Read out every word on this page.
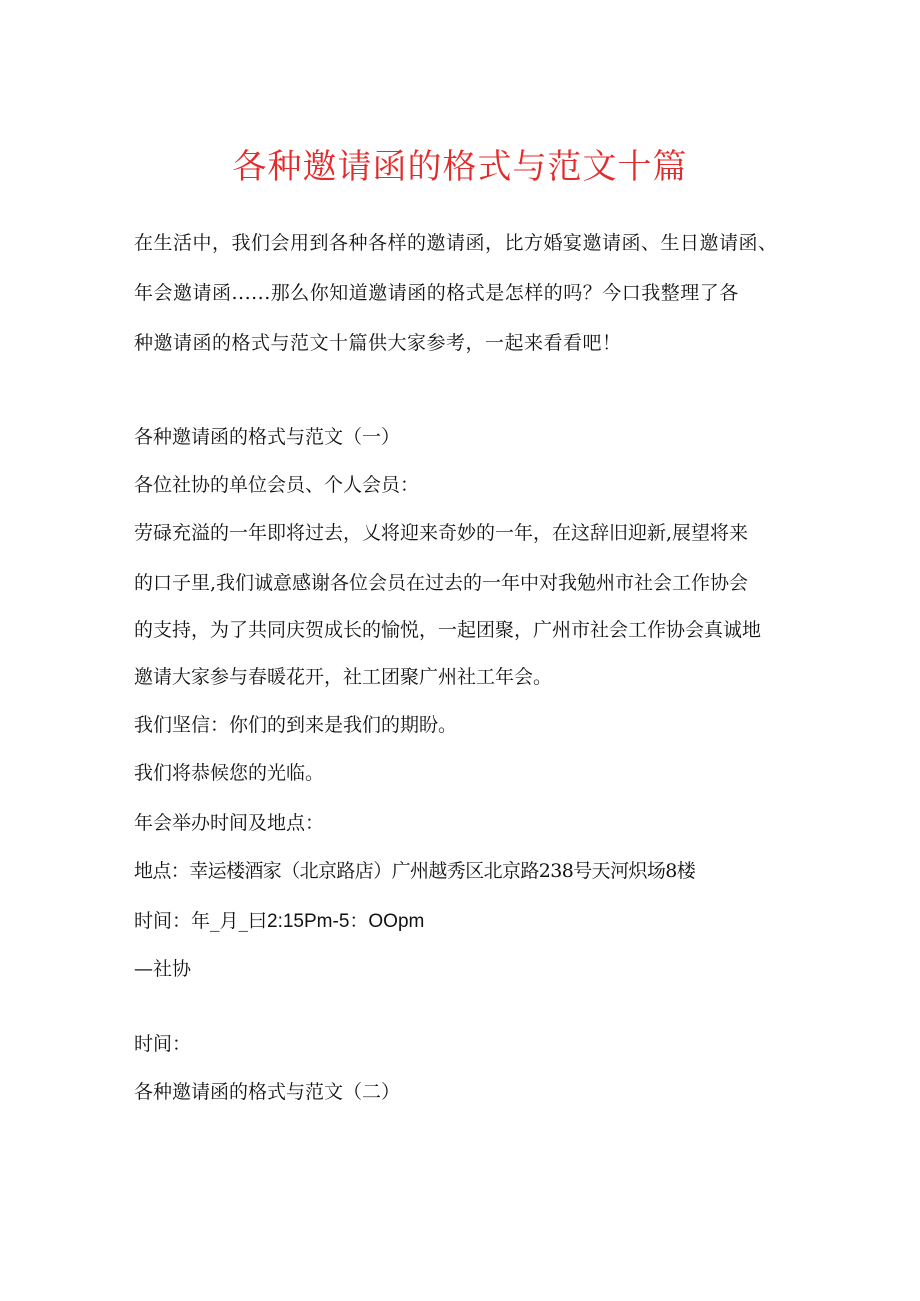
各种邀请函的格式与范文十篇
在生活中，我们会用到各种各样的邀请函，比方婚宴邀请函、生日邀请函、
年会邀请函......那么你知道邀请函的格式是怎样的吗？今口我整理了各
种邀请函的格式与范文十篇供大家参考，一起来看看吧！
各种邀请函的格式与范文（一）
各位社协的单位会员、个人会员：
劳碌充溢的一年即将过去，乂将迎来奇妙的一年，在这辞旧迎新,展望将来
的口子里,我们诚意感谢各位会员在过去的一年中对我勉州市社会工作协会
的支持，为了共同庆贺成长的愉悦，一起团聚，广州市社会工作协会真诚地
邀请大家参与春暖花开，社工团聚广州社工年会。
我们坚信：你们的到来是我们的期盼。
我们将恭候您的光临。
年会举办时间及地点：
地点：幸运楼酒家（北京路店）广州越秀区北京路238号天河炽场8楼
时间：年_月_曰2:15Pm-5：OOpm
—社协
时间：
各种邀请函的格式与范文（二）
